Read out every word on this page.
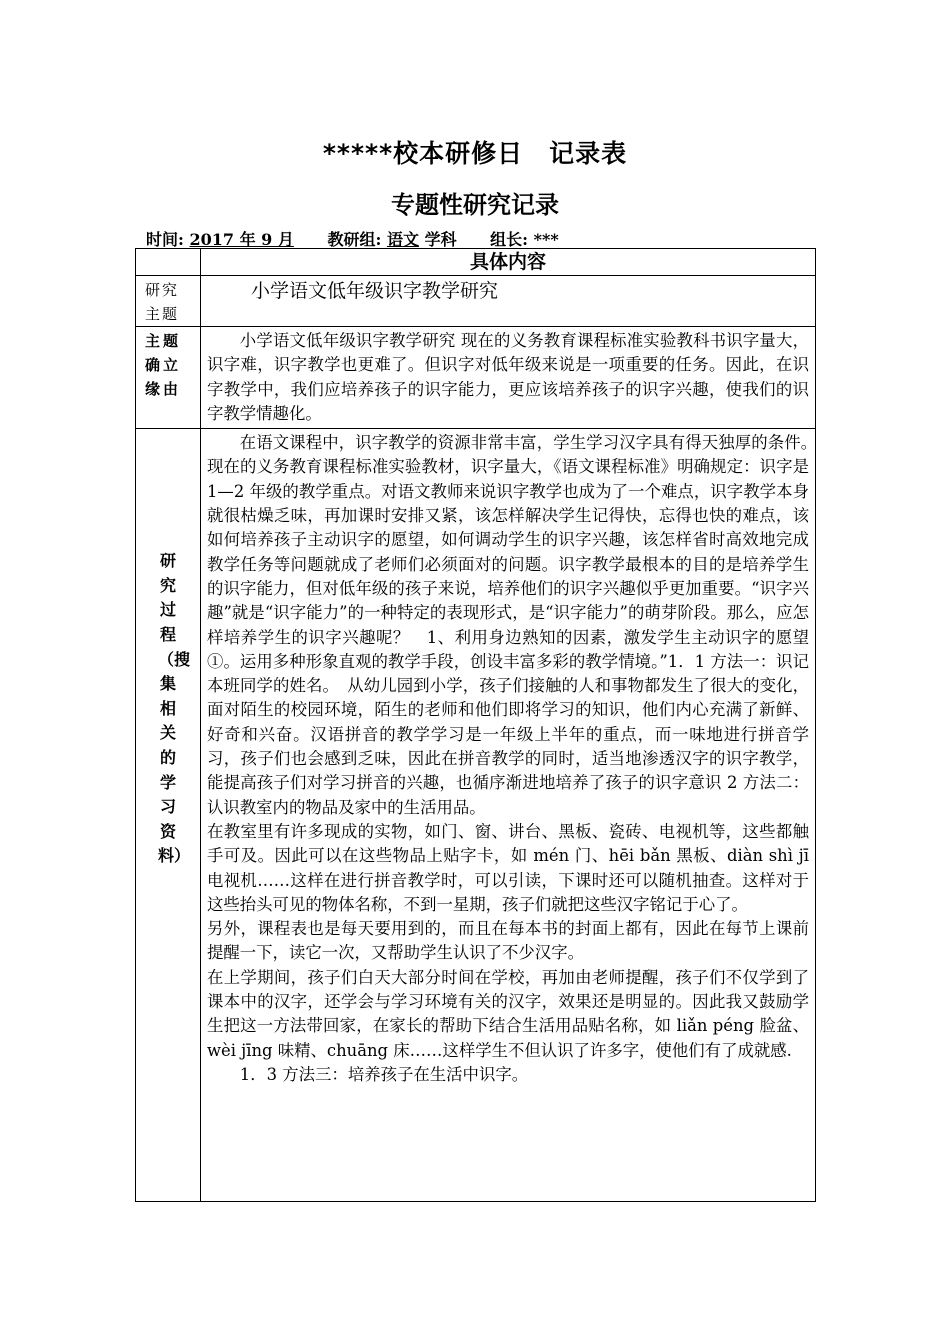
*****校本研修日　记录表
专题性研究记录
时间: 2017 年 9 月 教研组: 语文 学科 组长: ***
	具体内容

研究主题	小学语文低年级识字教学研究

主题确立缘由	小学语文低年级识字教学研究 现在的义务教育课程标准实验教科书识字量大，识字难，识字教学也更难了。但识字对低年级来说是一项重要的任务。因此，在识字教学中，我们应培养孩子的识字能力，更应该培养孩子的识字兴趣，使我们的识字教学情趣化。

研究过程（搜集相关的学习资料）	在语文课程中，识字教学的资源非常丰富，学生学习汉字具有得天独厚的条件。　现在的义务教育课程标准实验教材，识字量大，《语文课程标准》明确规定：识字是 1—2 年级的教学重点。对语文教师来说识字教学也成为了一个难点，识字教学本身就很枯燥乏味，再加课时安排又紧，该怎样解决学生记得快，忘得也快的难点，该如何培养孩子主动识字的愿望，如何调动学生的识字兴趣，该怎样省时高效地完成教学任务等问题就成了老师们必须面对的问题。识字教学最根本的目的是培养学生的识字能力，但对低年级的孩子来说，培养他们的识字兴趣似乎更加重要。“识字兴趣”就是“识字能力”的一种特定的表现形式，是“识字能力”的萌芽阶段。那么，应怎样培养学生的识字兴趣呢？　1、利用身边熟知的因素，激发学生主动识字的愿望　　①。运用多种形象直观的教学手段，创设丰富多彩的教学情境。”1．1 方法一：识记本班同学的姓名。　从幼儿园到小学，孩子们接触的人和事物都发生了很大的变化，面对陌生的校园环境，陌生的老师和他们即将学习的知识，他们内心充满了新鲜、好奇和兴奋。汉语拼音的教学学习是一年级上半年的重点，而一味地进行拼音学习，孩子们也会感到乏味，因此在拼音教学的同时，适当地渗透汉字的识字教学，能提高孩子们对学习拼音的兴趣，也循序渐进地培养了孩子的识字意识 2 方法二：认识教室内的物品及家中的生活用品。

在教室里有许多现成的实物，如门、窗、讲台、黑板、瓷砖、电视机等，这些都触手可及。因此可以在这些物品上贴字卡，如 mén 门、hēi bǎn 黑板、diàn shì jī 电视机……这样在进行拼音教学时，可以引读，下课时还可以随机抽查。这样对于这些抬头可见的物体名称，不到一星期，孩子们就把这些汉字铭记于心了。

另外，课程表也是每天要用到的，而且在每本书的封面上都有，因此在每节上课前提醒一下，读它一次，又帮助学生认识了不少汉字。

在上学期间，孩子们白天大部分时间在学校，再加由老师提醒，孩子们不仅学到了课本中的汉字，还学会与学习环境有关的汉字，效果还是明显的。因此我又鼓励学生把这一方法带回家，在家长的帮助下结合生活用品贴名称，如 liǎn péng 脸盆、wèi jīng 味精、chuāng 床……这样学生不但认识了许多字，使他们有了成就感.

1．3 方法三：培养孩子在生活中识字。
